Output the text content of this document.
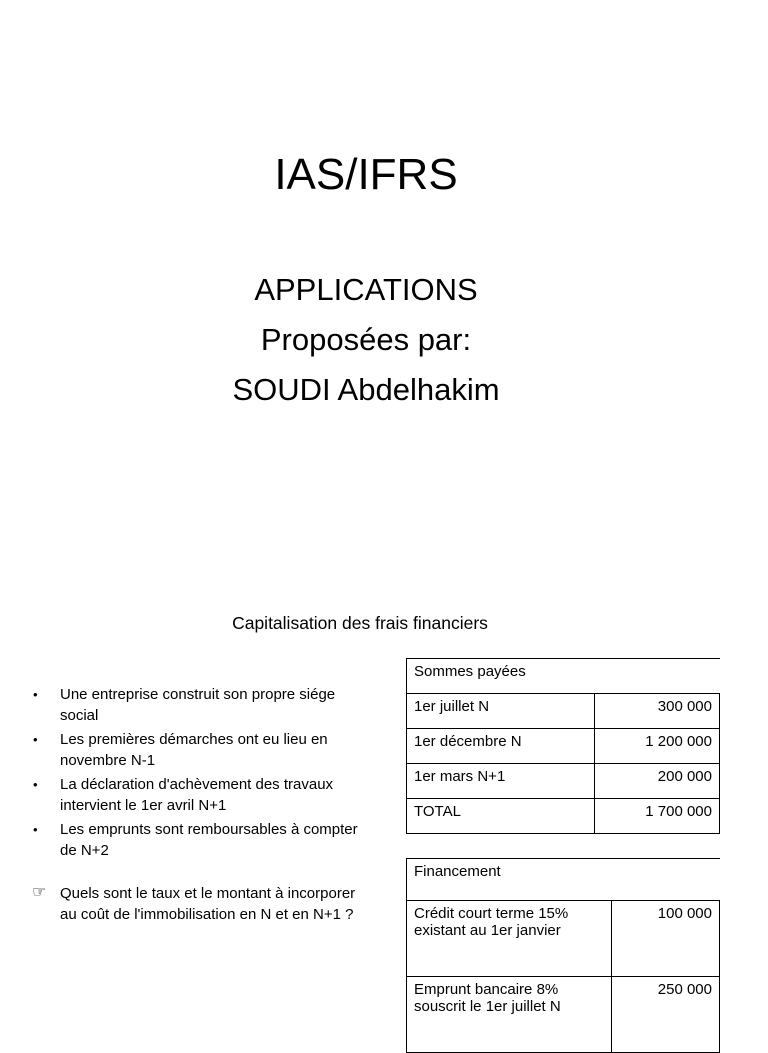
IAS/IFRS
APPLICATIONS
Proposées par:
SOUDI Abdelhakim
Capitalisation des frais financiers
• Une entreprise construit son propre siége social
• Les premières démarches ont eu lieu en novembre N-1
• La déclaration d'achèvement des travaux intervient le 1er avril N+1
• Les emprunts sont remboursables à compter de N+2
☞ Quels sont le taux et le montant à incorporer au coût de l'immobilisation en N et en N+1 ?
Sommes payées	
1er juillet N	300 000
1er décembre N	1 200 000
1er mars N+1	200 000
TOTAL	1 700 000
Financement	
Crédit court terme 15% existant au 1er janvier	100 000
Emprunt bancaire 8% souscrit le 1er juillet N	250 000
